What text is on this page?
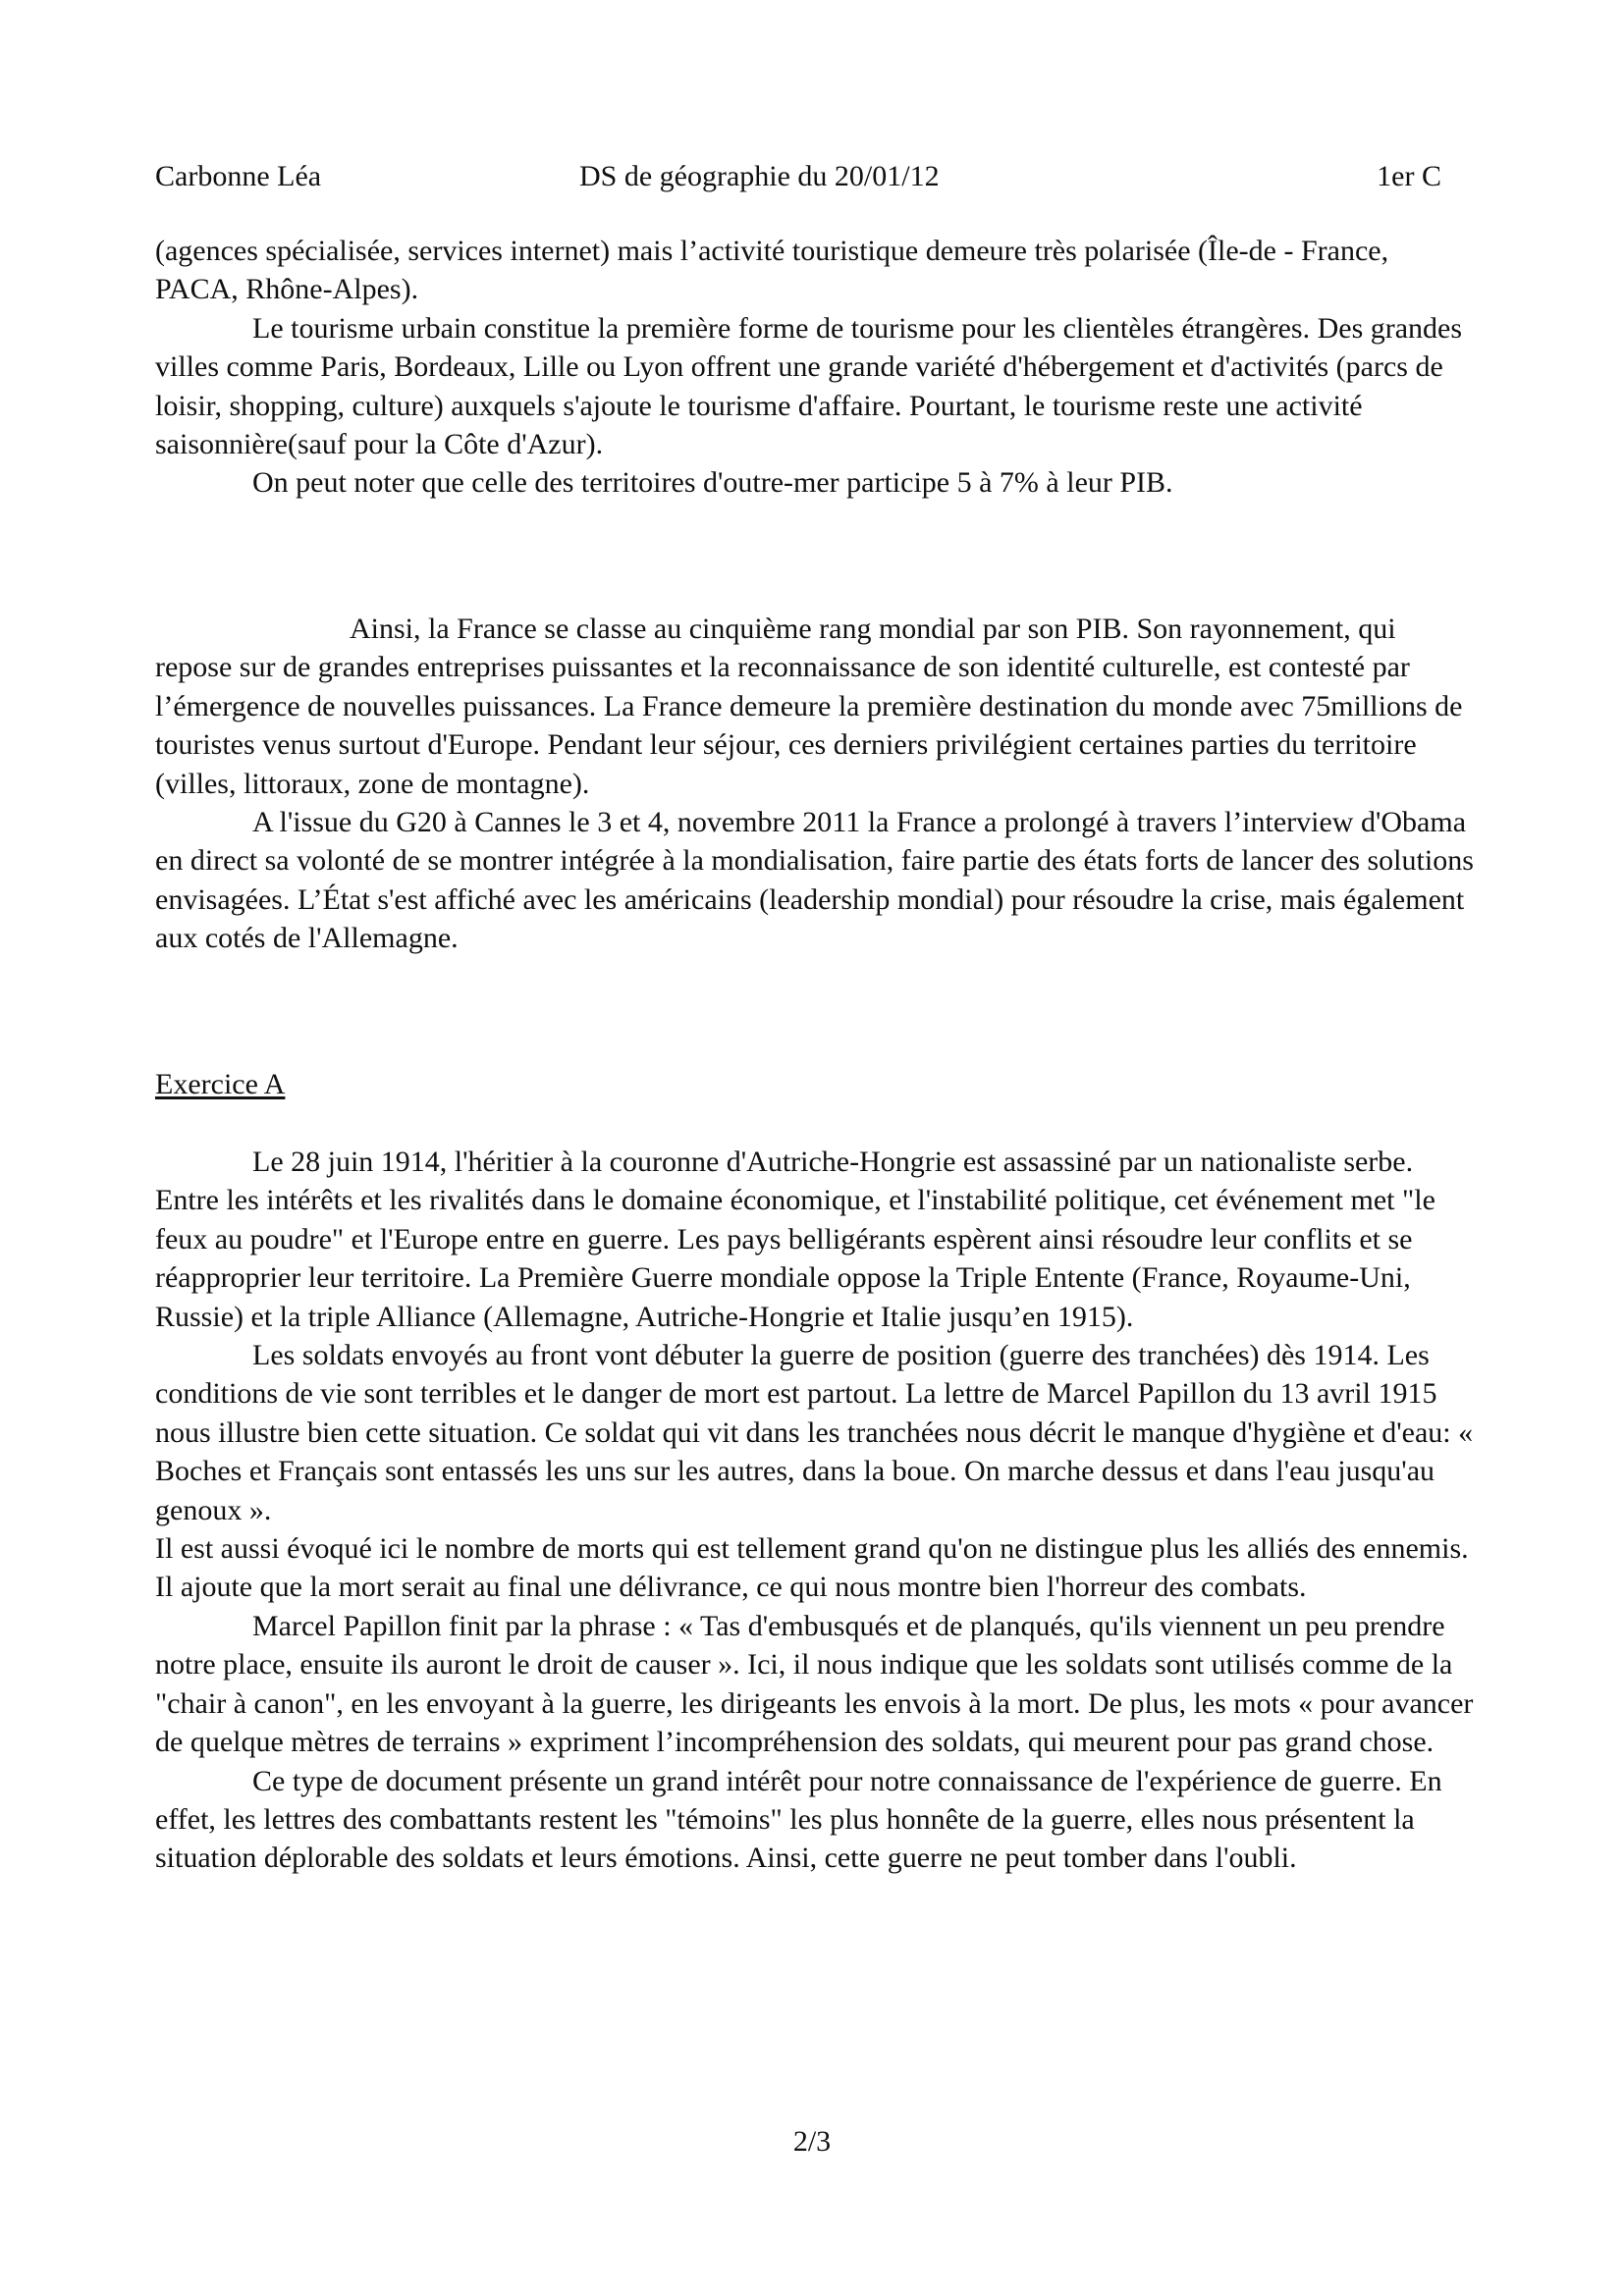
Carbonne Léa	DS de géographie du 20/01/12	1er C

(agences spécialisée, services internet) mais l’activité touristique demeure très polarisée (Île-de - France, PACA, Rhône-Alpes).

Le tourisme urbain constitue la première forme de tourisme pour les clientèles étrangères. Des grandes villes comme Paris, Bordeaux, Lille ou Lyon offrent une grande variété d'hébergement et d'activités (parcs de loisir, shopping, culture) auxquels s'ajoute le tourisme d'affaire. Pourtant, le tourisme reste une activité saisonnière(sauf pour la Côte d'Azur).

On peut noter que celle des territoires d'outre-mer participe 5 à 7% à leur PIB.

Ainsi, la France se classe au cinquième rang mondial par son PIB. Son rayonnement, qui repose sur de grandes entreprises puissantes et la reconnaissance de son identité culturelle, est contesté par l’émergence de nouvelles puissances. La France demeure la première destination du monde avec 75millions de touristes venus surtout d'Europe. Pendant leur séjour, ces derniers privilégient certaines parties du territoire (villes, littoraux, zone de montagne).

A l'issue du G20 à Cannes le 3 et 4, novembre 2011 la France a prolongé à travers l’interview d'Obama en direct sa volonté de se montrer intégrée à la mondialisation, faire partie des états forts de lancer des solutions envisagées. L’État s'est affiché avec les américains (leadership mondial) pour résoudre la crise, mais également aux cotés de l'Allemagne.

Exercice A

Le 28 juin 1914, l'héritier à la couronne d'Autriche-Hongrie est assassiné par un nationaliste serbe. Entre les intérêts et les rivalités dans le domaine économique, et l'instabilité politique, cet événement met "le feux au poudre" et l'Europe entre en guerre. Les pays belligérants espèrent ainsi résoudre leur conflits et se réapproprier leur territoire. La Première Guerre mondiale oppose la Triple Entente (France, Royaume-Uni, Russie) et la triple Alliance (Allemagne, Autriche-Hongrie et Italie jusqu’en 1915).

Les soldats envoyés au front vont débuter la guerre de position (guerre des tranchées) dès 1914. Les conditions de vie sont terribles et le danger de mort est partout. La lettre de Marcel Papillon du 13 avril 1915 nous illustre bien cette situation. Ce soldat qui vit dans les tranchées nous décrit le manque d'hygiène et d'eau: « Boches et Français sont entassés les uns sur les autres, dans la boue. On marche dessus et dans l'eau jusqu'au genoux ».

Il est aussi évoqué ici le nombre de morts qui est tellement grand qu'on ne distingue plus les alliés des ennemis. Il ajoute que la mort serait au final une délivrance, ce qui nous montre bien l'horreur des combats.

Marcel Papillon finit par la phrase : « Tas d'embusqués et de planqués, qu'ils viennent un peu prendre notre place, ensuite ils auront le droit de causer ». Ici, il nous indique que les soldats sont utilisés comme de la "chair à canon", en les envoyant à la guerre, les dirigeants les envois à la mort. De plus, les mots « pour avancer de quelque mètres de terrains » expriment l’incompréhension des soldats, qui meurent pour pas grand chose.

Ce type de document présente un grand intérêt pour notre connaissance de l'expérience de guerre. En effet, les lettres des combattants restent les "témoins" les plus honnête de la guerre, elles nous présentent la situation déplorable des soldats et leurs émotions. Ainsi, cette guerre ne peut tomber dans l'oubli.

2/3
